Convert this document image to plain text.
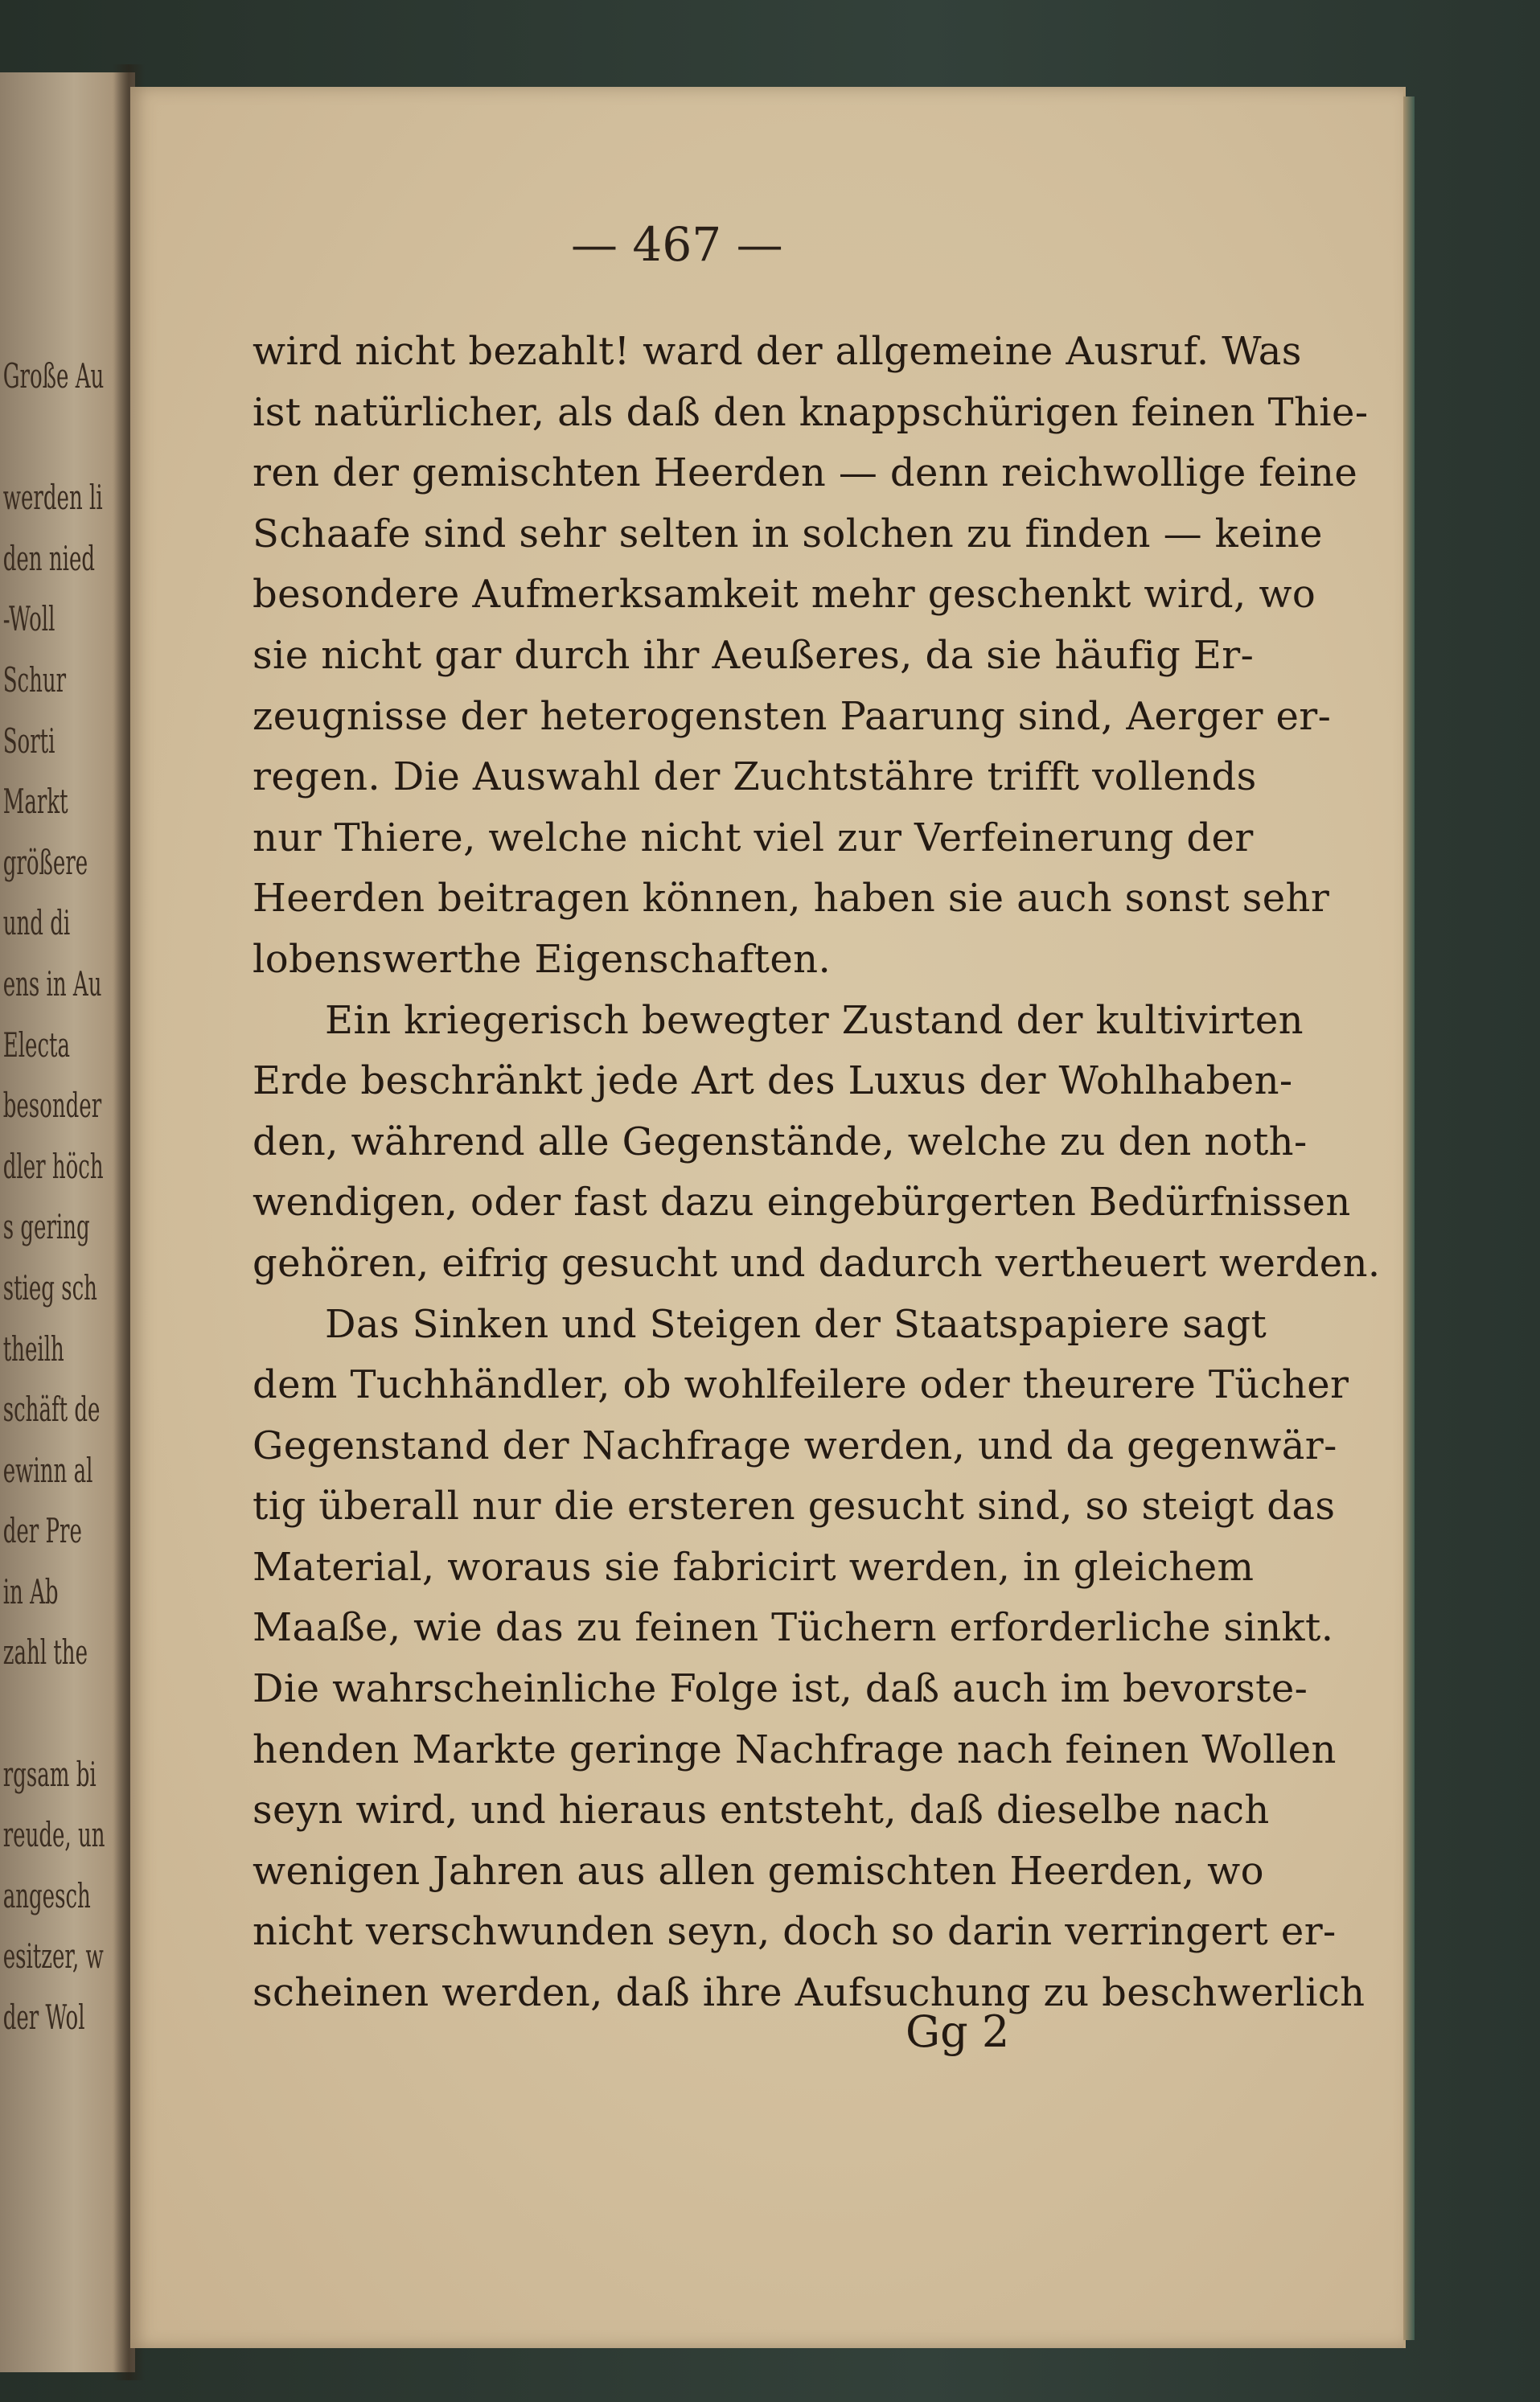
Große Au
werden li
den nied
-Woll
Schur
Sorti
Markt
größere
und di
ens in Au
Electa
besonder
dler höch
s gering
stieg sch
theilh
schäft de
ewinn al
der Pre
in Ab
zahl the
rgsam bi
reude, un
angesch
esitzer, w
der Wol
— 467 —
wird nicht bezahlt! ward der allgemeine Ausruf. Was
ist natürlicher, als daß den knappschürigen feinen Thie-
ren der gemischten Heerden — denn reichwollige feine
Schaafe sind sehr selten in solchen zu finden — keine
besondere Aufmerksamkeit mehr geschenkt wird, wo
sie nicht gar durch ihr Aeußeres, da sie häufig Er-
zeugnisse der heterogensten Paarung sind, Aerger er-
regen. Die Auswahl der Zuchtstähre trifft vollends
nur Thiere, welche nicht viel zur Verfeinerung der
Heerden beitragen können, haben sie auch sonst sehr
lobenswerthe Eigenschaften.
Ein kriegerisch bewegter Zustand der kultivirten
Erde beschränkt jede Art des Luxus der Wohlhaben-
den, während alle Gegenstände, welche zu den noth-
wendigen, oder fast dazu eingebürgerten Bedürfnissen
gehören, eifrig gesucht und dadurch vertheuert werden.
Das Sinken und Steigen der Staatspapiere sagt
dem Tuchhändler, ob wohlfeilere oder theurere Tücher
Gegenstand der Nachfrage werden, und da gegenwär-
tig überall nur die ersteren gesucht sind, so steigt das
Material, woraus sie fabricirt werden, in gleichem
Maaße, wie das zu feinen Tüchern erforderliche sinkt.
Die wahrscheinliche Folge ist, daß auch im bevorste-
henden Markte geringe Nachfrage nach feinen Wollen
seyn wird, und hieraus entsteht, daß dieselbe nach
wenigen Jahren aus allen gemischten Heerden, wo
nicht verschwunden seyn, doch so darin verringert er-
scheinen werden, daß ihre Aufsuchung zu beschwerlich
Gg 2
